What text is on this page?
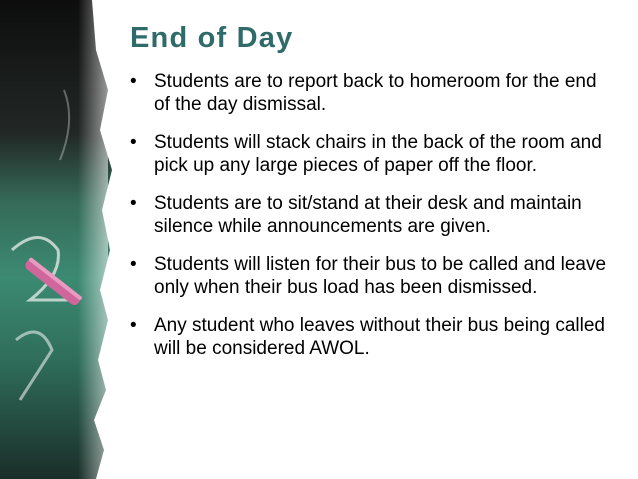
End of Day
• Students are to report back to homeroom for the end of the day dismissal.
• Students will stack chairs in the back of the room and pick up any large pieces of paper off the floor.
• Students are to sit/stand at their desk and maintain silence while announcements are given.
• Students will listen for their bus to be called and leave only when their bus load has been dismissed.
• Any student who leaves without their bus being called will be considered AWOL.
